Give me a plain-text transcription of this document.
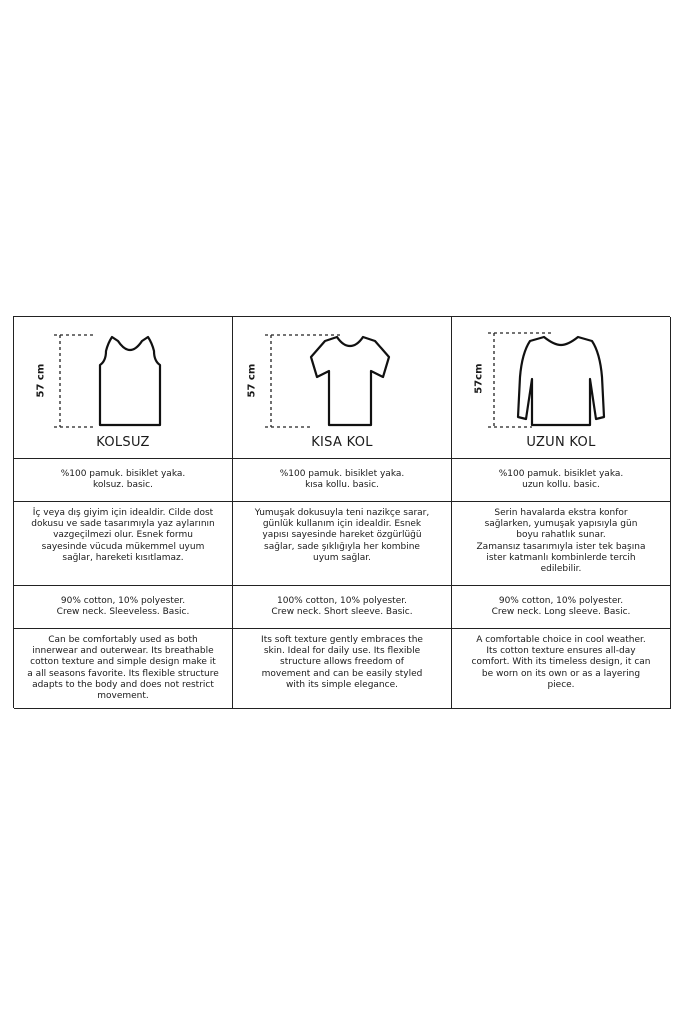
57 cm
KOLSUZ
57 cm
KISA KOL
57cm
UZUN KOL
%100 pamuk. bisiklet yaka.
kolsuz. basic.
%100 pamuk. bisiklet yaka.
kısa kollu. basic.
%100 pamuk. bisiklet yaka.
uzun kollu. basic.
İç veya dış giyim için idealdir. Cilde dost
dokusu ve sade tasarımıyla yaz aylarının
vazgeçilmezi olur. Esnek formu
sayesinde vücuda mükemmel uyum
sağlar, hareketi kısıtlamaz.
Yumuşak dokusuyla teni nazikçe sarar,
günlük kullanım için idealdir. Esnek
yapısı sayesinde hareket özgürlüğü
sağlar, sade şıklığıyla her kombine
uyum sağlar.
Serin havalarda ekstra konfor
sağlarken, yumuşak yapısıyla gün
boyu rahatlık sunar.
Zamansız tasarımıyla ister tek başına
ister katmanlı kombinlerde tercih
edilebilir.
90% cotton, 10% polyester.
Crew neck. Sleeveless. Basic.
100% cotton, 10% polyester.
Crew neck. Short sleeve. Basic.
90% cotton, 10% polyester.
Crew neck. Long sleeve. Basic.
Can be comfortably used as both
innerwear and outerwear. Its breathable
cotton texture and simple design make it
a all seasons favorite. Its flexible structure
adapts to the body and does not restrict
movement.
Its soft texture gently embraces the
skin. Ideal for daily use. Its flexible
structure allows freedom of
movement and can be easily styled
with its simple elegance.
A comfortable choice in cool weather.
Its cotton texture ensures all-day
comfort. With its timeless design, it can
be worn on its own or as a layering
piece.
